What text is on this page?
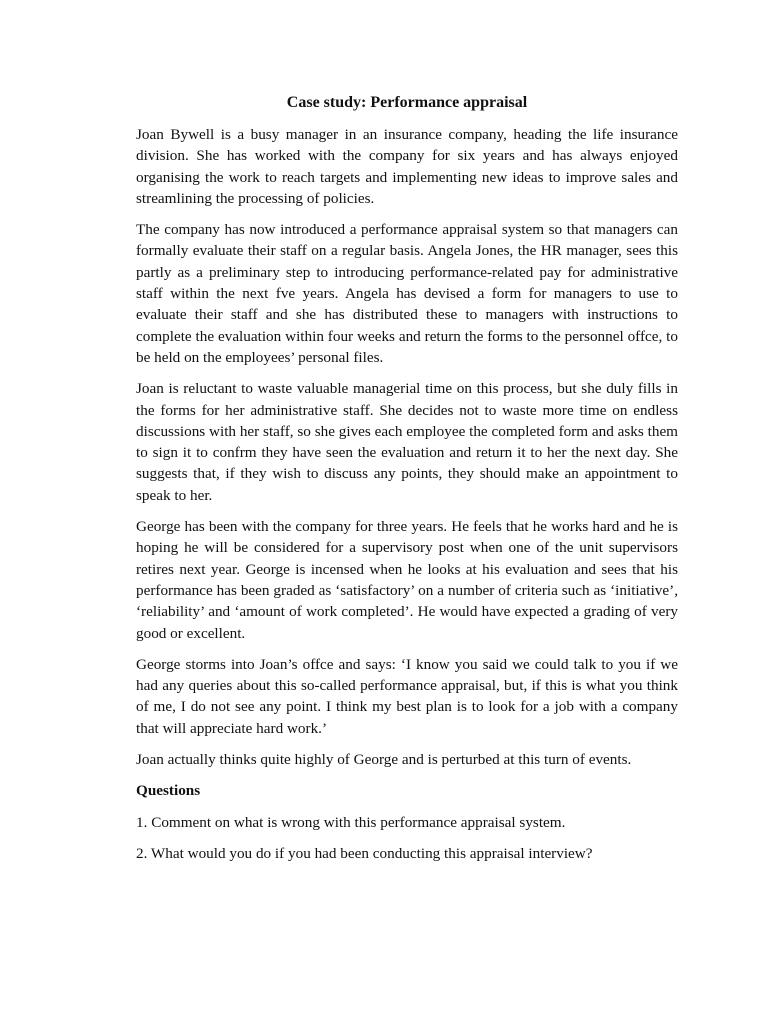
Case study: Performance appraisal

Joan Bywell is a busy manager in an insurance company, heading the life insurance division. She has worked with the company for six years and has always enjoyed organising the work to reach targets and implementing new ideas to improve sales and streamlining the processing of policies.

The company has now introduced a performance appraisal system so that managers can formally evaluate their staff on a regular basis. Angela Jones, the HR manager, sees this partly as a preliminary step to introducing performance-related pay for administrative staff within the next fve years. Angela has devised a form for managers to use to evaluate their staff and she has distributed these to managers with instructions to complete the evaluation within four weeks and return the forms to the personnel offce, to be held on the employees’ personal files.

Joan is reluctant to waste valuable managerial time on this process, but she duly fills in the forms for her administrative staff. She decides not to waste more time on endless discussions with her staff, so she gives each employee the completed form and asks them to sign it to confrm they have seen the evaluation and return it to her the next day. She suggests that, if they wish to discuss any points, they should make an appointment to speak to her.

George has been with the company for three years. He feels that he works hard and he is hoping he will be considered for a supervisory post when one of the unit supervisors retires next year. George is incensed when he looks at his evaluation and sees that his performance has been graded as ‘satisfactory’ on a number of criteria such as ‘initiative’, ‘reliability’ and ‘amount of work completed’. He would have expected a grading of very good or excellent.

George storms into Joan’s offce and says: ‘I know you said we could talk to you if we had any queries about this so-called performance appraisal, but, if this is what you think of me, I do not see any point. I think my best plan is to look for a job with a company that will appreciate hard work.’

Joan actually thinks quite highly of George and is perturbed at this turn of events.

Questions

1. Comment on what is wrong with this performance appraisal system.

2. What would you do if you had been conducting this appraisal interview?
